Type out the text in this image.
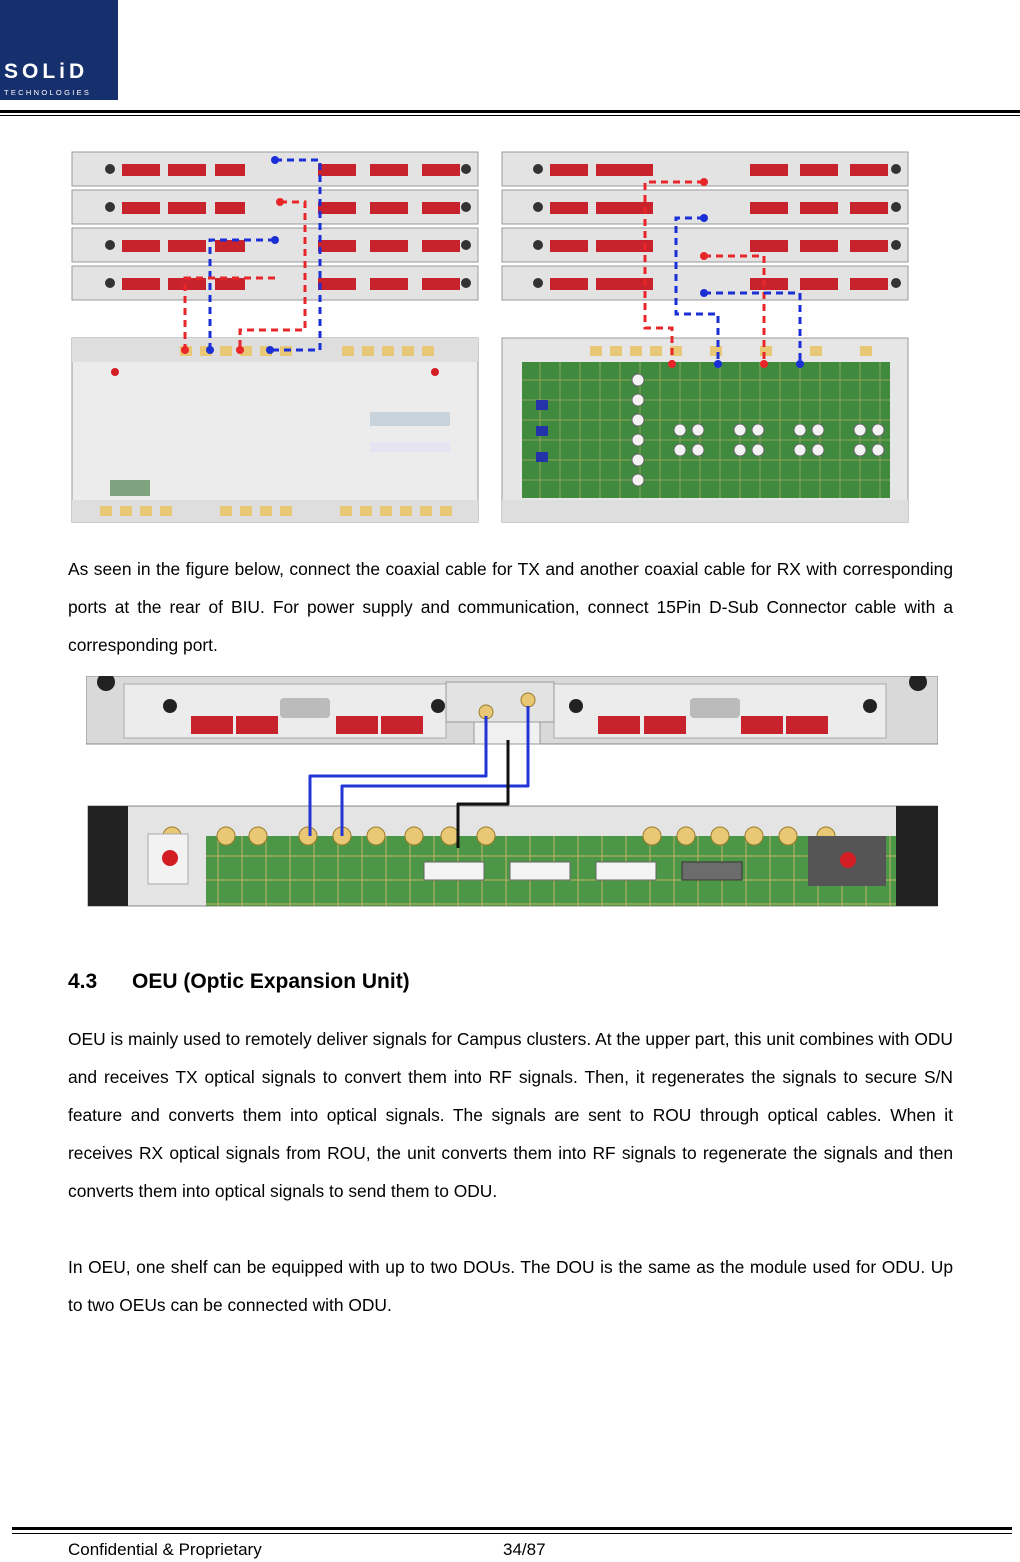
SOLiD
TECHNOLOGIES

As seen in the figure below, connect the coaxial cable for TX and another coaxial cable for RX with corresponding ports at the rear of BIU. For power supply and communication, connect 15Pin D-Sub Connector cable with a corresponding port.

4.3 OEU (Optic Expansion Unit)

OEU is mainly used to remotely deliver signals for Campus clusters. At the upper part, this unit combines with ODU and receives TX optical signals to convert them into RF signals. Then, it regenerates the signals to secure S/N feature and converts them into optical signals. The signals are sent to ROU through optical cables. When it receives RX optical signals from ROU, the unit converts them into RF signals to regenerate the signals and then converts them into optical signals to send them to ODU.

In OEU, one shelf can be equipped with up to two DOUs. The DOU is the same as the module used for ODU. Up to two OEUs can be connected with ODU.

Confidential & Proprietary	34/87
